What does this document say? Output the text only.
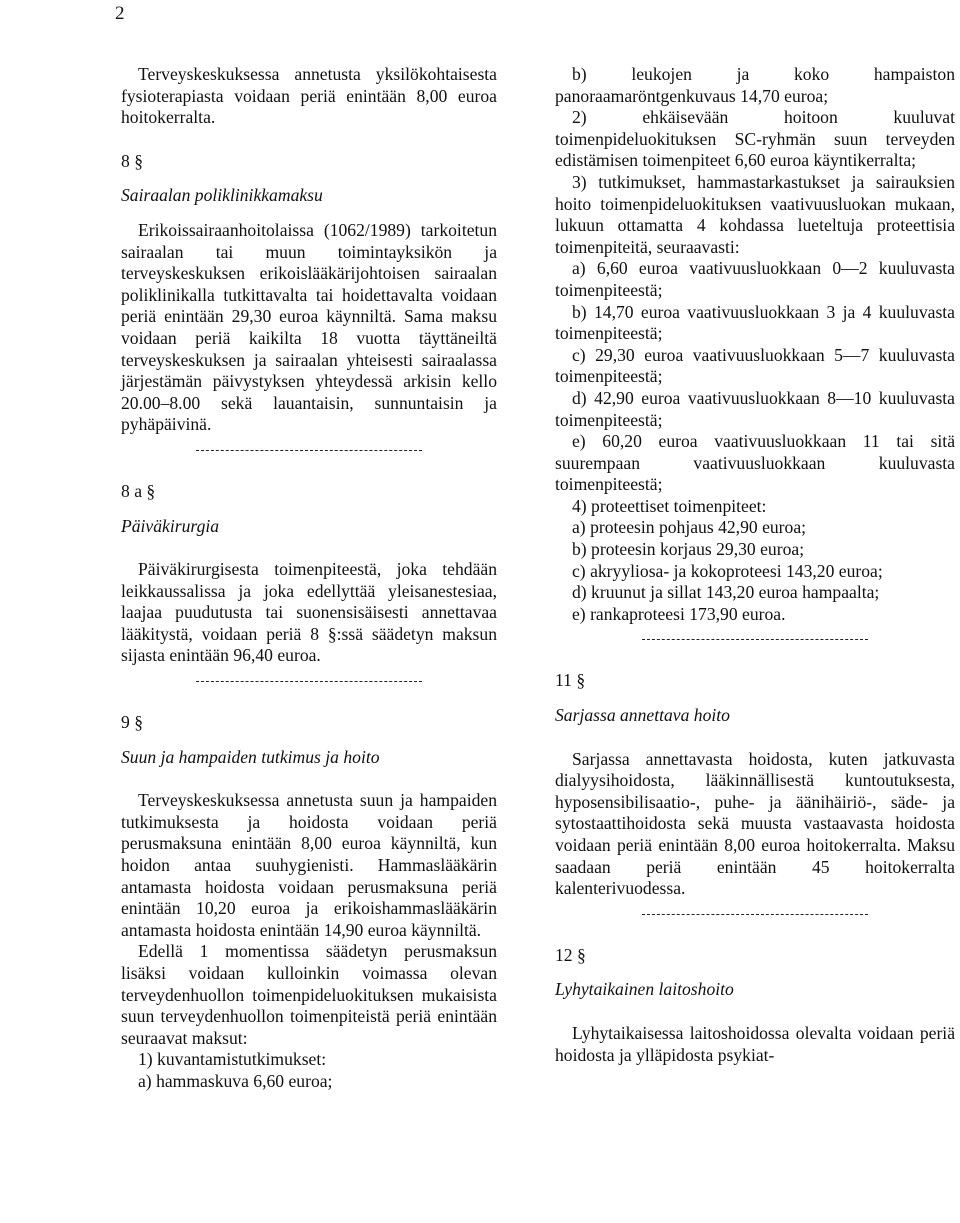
2

Terveyskeskuksessa annetusta yksilökohtaisesta fysioterapiasta voidaan periä enintään 8,00 euroa hoitokerralta.

8 §

Sairaalan poliklinikkamaksu

Erikoissairaanhoitolaissa (1062/1989) tarkoitetun sairaalan tai muun toimintayksikön ja terveyskeskuksen erikoislääkärijohtoisen sairaalan poliklinikalla tutkittavalta tai hoidettavalta voidaan periä enintään 29,30 euroa käynniltä. Sama maksu voidaan periä kaikilta 18 vuotta täyttäneiltä terveyskeskuksen ja sairaalan yhteisesti sairaalassa järjestämän päivystyksen yhteydessä arkisin kello 20.00–8.00 sekä lauantaisin, sunnuntaisin ja pyhäpäivinä.

8 a §

Päiväkirurgia

Päiväkirurgisesta toimenpiteestä, joka tehdään leikkaussalissa ja joka edellyttää yleisanestesiaa, laajaa puudutusta tai suonensisäisesti annettavaa lääkitystä, voidaan periä 8 §:ssä säädetyn maksun sijasta enintään 96,40 euroa.

9 §

Suun ja hampaiden tutkimus ja hoito

Terveyskeskuksessa annetusta suun ja hampaiden tutkimuksesta ja hoidosta voidaan periä perusmaksuna enintään 8,00 euroa käynniltä, kun hoidon antaa suuhygienisti. Hammaslääkärin antamasta hoidosta voidaan perusmaksuna periä enintään 10,20 euroa ja erikoishammaslääkärin antamasta hoidosta enintään 14,90 euroa käynniltä.

Edellä 1 momentissa säädetyn perusmaksun lisäksi voidaan kulloinkin voimassa olevan terveydenhuollon toimenpideluokituksen mukaisista suun terveydenhuollon toimenpiteistä periä enintään seuraavat maksut:

1) kuvantamistutkimukset:

a) hammaskuva 6,60 euroa;

b) leukojen ja koko hampaiston panoraamaröntgenkuvaus 14,70 euroa;

2) ehkäisevään hoitoon kuuluvat toimenpideluokituksen SC-ryhmän suun terveyden edistämisen toimenpiteet 6,60 euroa käyntikerralta;

3) tutkimukset, hammastarkastukset ja sairauksien hoito toimenpideluokituksen vaativuusluokan mukaan, lukuun ottamatta 4 kohdassa lueteltuja proteettisia toimenpiteitä, seuraavasti:

a) 6,60 euroa vaativuusluokkaan 0—2 kuuluvasta toimenpiteestä;

b) 14,70 euroa vaativuusluokkaan 3 ja 4 kuuluvasta toimenpiteestä;

c) 29,30 euroa vaativuusluokkaan 5—7 kuuluvasta toimenpiteestä;

d) 42,90 euroa vaativuusluokkaan 8—10 kuuluvasta toimenpiteestä;

e) 60,20 euroa vaativuusluokkaan 11 tai sitä suurempaan vaativuusluokkaan kuuluvasta toimenpiteestä;

4) proteettiset toimenpiteet:

a) proteesin pohjaus 42,90 euroa;

b) proteesin korjaus 29,30 euroa;

c) akryyliosa- ja kokoproteesi 143,20 euroa;

d) kruunut ja sillat 143,20 euroa hampaalta;

e) rankaproteesi 173,90 euroa.

11 §

Sarjassa annettava hoito

Sarjassa annettavasta hoidosta, kuten jatkuvasta dialyysihoidosta, lääkinnällisestä kuntoutuksesta, hyposensibilisaatio-, puhe- ja äänihäiriö-, säde- ja sytostaattihoidosta sekä muusta vastaavasta hoidosta voidaan periä enintään 8,00 euroa hoitokerralta. Maksu saadaan periä enintään 45 hoitokerralta kalenterivuodessa.

12 §

Lyhytaikainen laitoshoito

Lyhytaikaisessa laitoshoidossa olevalta voidaan periä hoidosta ja ylläpidosta psykiat-
